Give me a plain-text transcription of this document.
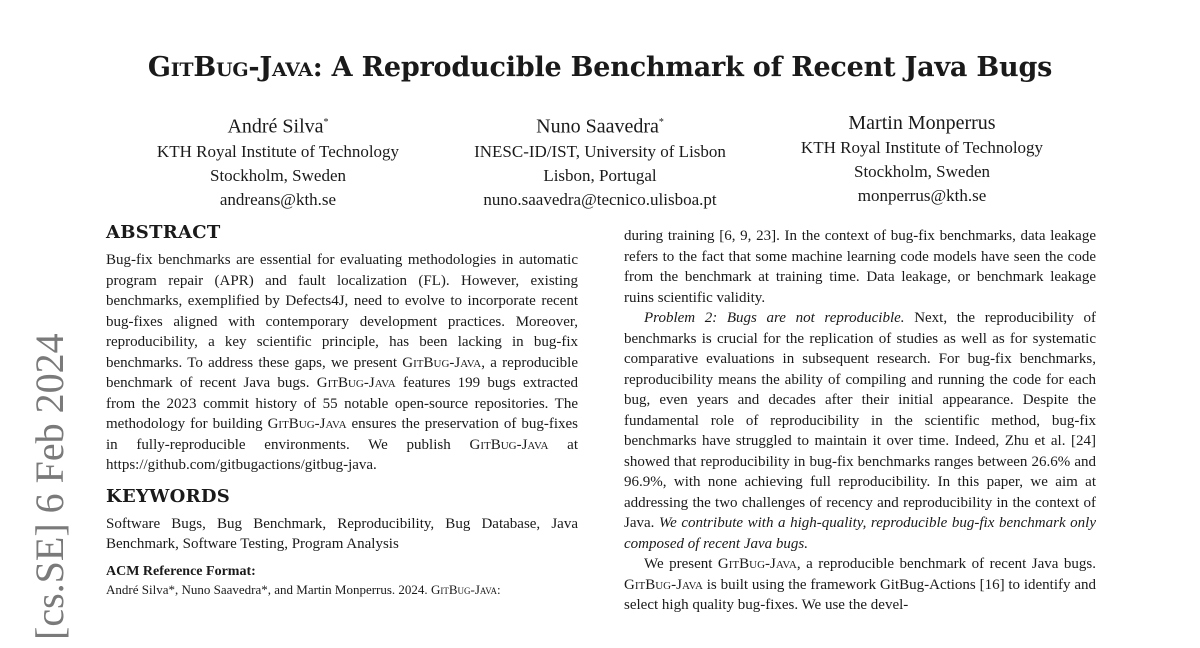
GitBug-Java: A Reproducible Benchmark of Recent Java Bugs
André Silva*
KTH Royal Institute of Technology
Stockholm, Sweden
andreans@kth.se
Nuno Saavedra*
INESC-ID/IST, University of Lisbon
Lisbon, Portugal
nuno.saavedra@tecnico.ulisboa.pt
Martin Monperrus
KTH Royal Institute of Technology
Stockholm, Sweden
monperrus@kth.se
[cs.SE] 6 Feb 2024
ABSTRACT

Bug-fix benchmarks are essential for evaluating methodologies in automatic program repair (APR) and fault localization (FL). However, existing benchmarks, exemplified by Defects4J, need to evolve to incorporate recent bug-fixes aligned with contemporary development practices. Moreover, reproducibility, a key scientific principle, has been lacking in bug-fix benchmarks. To address these gaps, we present GitBug-Java, a reproducible benchmark of recent Java bugs. GitBug-Java features 199 bugs extracted from the 2023 commit history of 55 notable open-source repositories. The methodology for building GitBug-Java ensures the preservation of bug-fixes in fully-reproducible environments. We publish GitBug-Java at https://github.com/gitbugactions/gitbug-java.

KEYWORDS

Software Bugs, Bug Benchmark, Reproducibility, Bug Database, Java Benchmark, Software Testing, Program Analysis

ACM Reference Format:
André Silva*, Nuno Saavedra*, and Martin Monperrus. 2024. GitBug-Java:

during training [6, 9, 23]. In the context of bug-fix benchmarks, data leakage refers to the fact that some machine learning code models have seen the code from the benchmark at training time. Data leakage, or benchmark leakage ruins scientific validity.

Problem 2: Bugs are not reproducible. Next, the reproducibility of benchmarks is crucial for the replication of studies as well as for systematic comparative evaluations in subsequent research. For bug-fix benchmarks, reproducibility means the ability of compiling and running the code for each bug, even years and decades after their initial appearance. Despite the fundamental role of reproducibility in the scientific method, bug-fix benchmarks have struggled to maintain it over time. Indeed, Zhu et al. [24] showed that reproducibility in bug-fix benchmarks ranges between 26.6% and 96.9%, with none achieving full reproducibility. In this paper, we aim at addressing the two challenges of recency and reproducibility in the context of Java. We contribute with a high-quality, reproducible bug-fix benchmark only composed of recent Java bugs.

We present GitBug-Java, a reproducible benchmark of recent Java bugs. GitBug-Java is built using the framework GitBug-Actions [16] to identify and select high quality bug-fixes. We use the devel-
